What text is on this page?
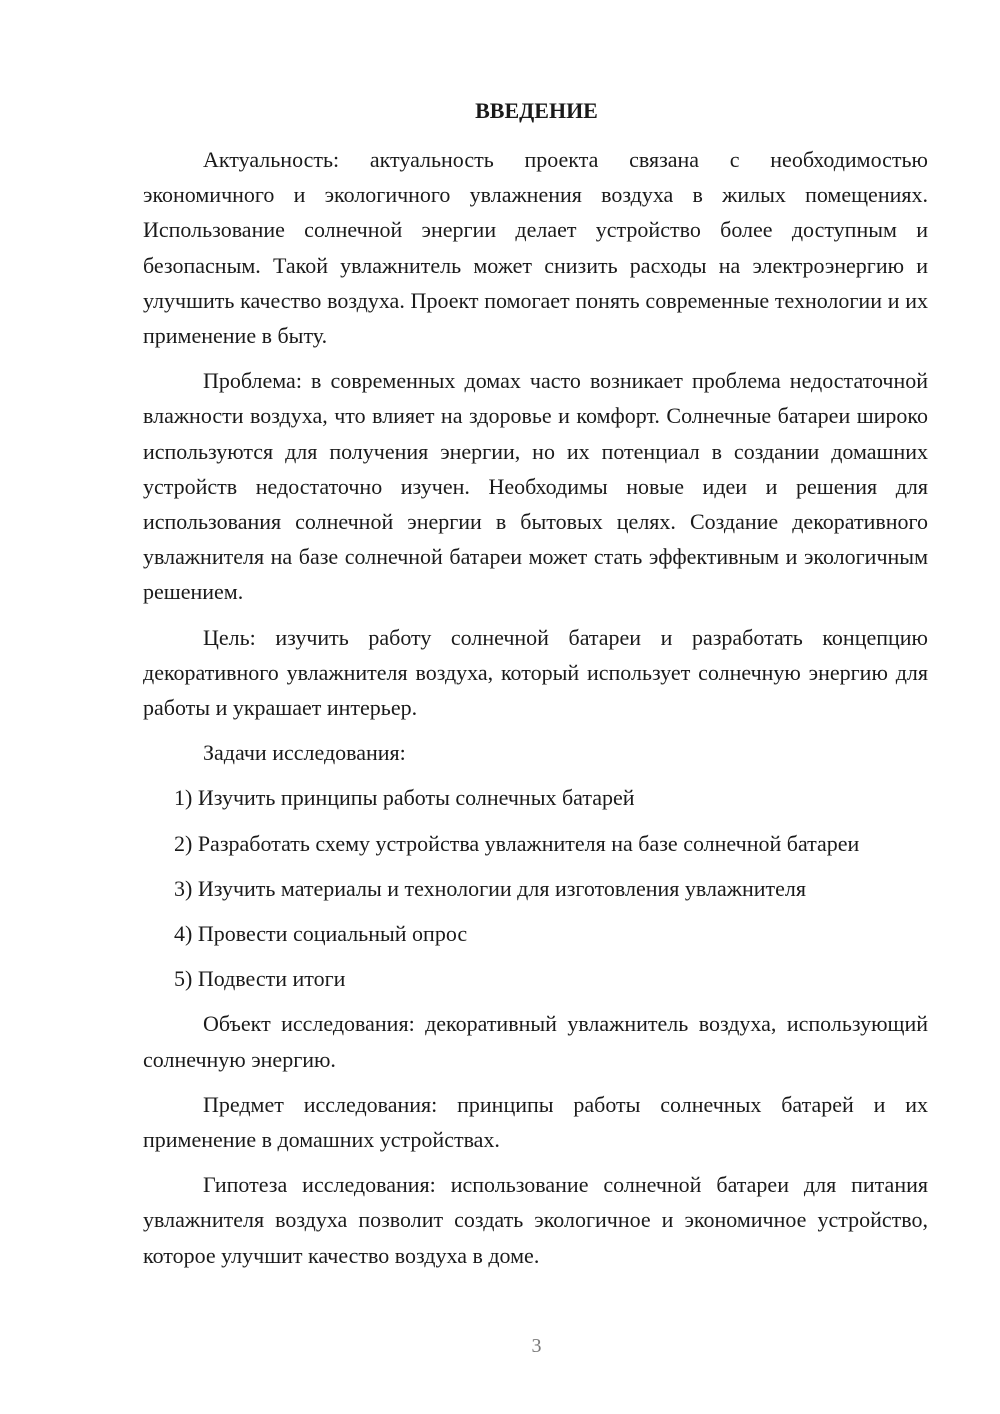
ВВЕДЕНИЕ

Актуальность: актуальность проекта связана с необходимостью экономичного и экологичного увлажнения воздуха в жилых помещениях. Использование солнечной энергии делает устройство более доступным и безопасным. Такой увлажнитель может снизить расходы на электроэнергию и улучшить качество воздуха. Проект помогает понять современные технологии и их применение в быту.

Проблема: в современных домах часто возникает проблема недостаточной влажности воздуха, что влияет на здоровье и комфорт. Солнечные батареи широко используются для получения энергии, но их потенциал в создании домашних устройств недостаточно изучен. Необходимы новые идеи и решения для использования солнечной энергии в бытовых целях. Создание декоративного увлажнителя на базе солнечной батареи может стать эффективным и экологичным решением.

Цель: изучить работу солнечной батареи и разработать концепцию декоративного увлажнителя воздуха, который использует солнечную энергию для работы и украшает интерьер.

Задачи исследования:

1) Изучить принципы работы солнечных батарей

2) Разработать схему устройства увлажнителя на базе солнечной батареи

3) Изучить материалы и технологии для изготовления увлажнителя

4) Провести социальный опрос

5) Подвести итоги

Объект исследования: декоративный увлажнитель воздуха, использующий солнечную энергию.

Предмет исследования: принципы работы солнечных батарей и их применение в домашних устройствах.

Гипотеза исследования: использование солнечной батареи для питания увлажнителя воздуха позволит создать экологичное и экономичное устройство, которое улучшит качество воздуха в доме.

3
